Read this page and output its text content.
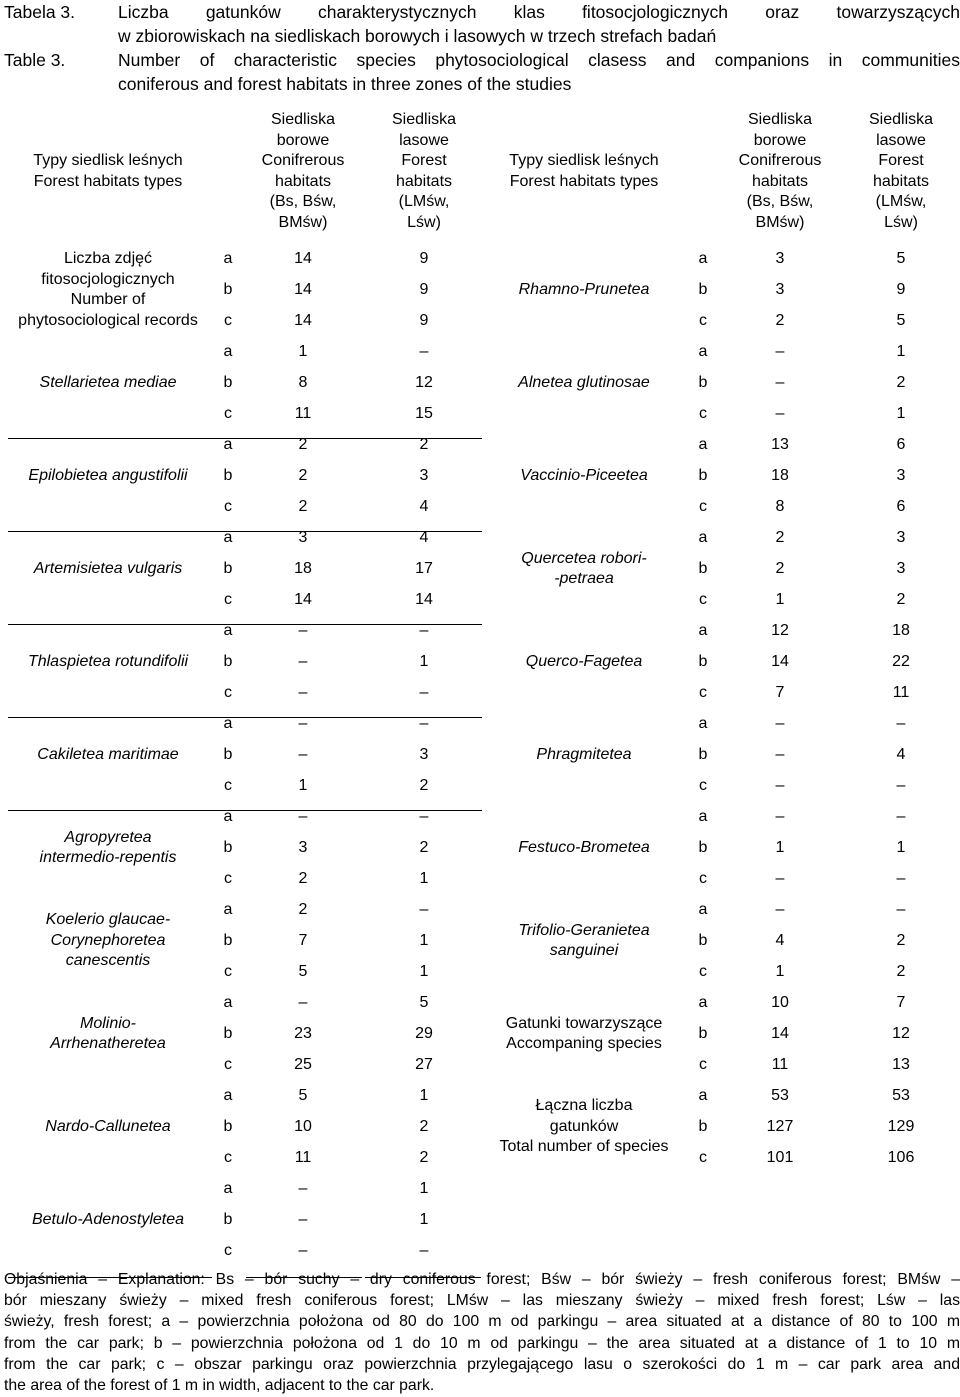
Tabela 3.	Liczba gatunków charakterystycznych klas fitosocjologicznych oraz towarzyszących
w zbiorowiskach na siedliskach borowych i lasowych w trzech strefach badań
Table 3.	Number of characteristic species phytosociological clasess and companions in communities
coniferous and forest habitats in three zones of the studies
Typy siedlisk leśnych
Forest habitats types
Siedliska
borowe
Conifrerous
habitats
(Bs, Bśw,
BMśw)
Siedliska
lasowe
Forest
habitats
(LMśw,
Lśw)
Typy siedlisk leśnych
Forest habitats types
Siedliska
borowe
Conifrerous
habitats
(Bs, Bśw,
BMśw)
Siedliska
lasowe
Forest
habitats
(LMśw,
Lśw)
Liczba zdjęć
fitosocjologicznych
Number of
phytosociological records
a	14	9
b	14	9
c	14	9
Stellarietea mediae
a	1	–
b	8	12
c	11	15
Epilobietea angustifolii
a	2	2
b	2	3
c	2	4
Artemisietea vulgaris
a	3	4
b	18	17
c	14	14
Thlaspietea rotundifolii
a	–	–
b	–	1
c	–	–
Cakiletea maritimae
a	–	–
b	–	3
c	1	2
Agropyretea
intermedio-repentis
a	–	–
b	3	2
c	2	1
Koelerio glaucae-
Corynephoretea
canescentis
a	2	–
b	7	1
c	5	1
Molinio-
Arrhenatheretea
a	–	5
b	23	29
c	25	27
Nardo-Callunetea
a	5	1
b	10	2
c	11	2
Betulo-Adenostyletea
a	–	1
b	–	1
c	–	–
Rhamno-Prunetea
a	3	5
b	3	9
c	2	5
Alnetea glutinosae
a	–	1
b	–	2
c	–	1
Vaccinio-Piceetea
a	13	6
b	18	3
c	8	6
Quercetea robori-
-petraea
a	2	3
b	2	3
c	1	2
Querco-Fagetea
a	12	18
b	14	22
c	7	11
Phragmitetea
a	–	–
b	–	4
c	–	–
Festuco-Brometea
a	–	–
b	1	1
c	–	–
Trifolio-Geranietea
sanguinei
a	–	–
b	4	2
c	1	2
Gatunki towarzyszące
Accompaning species
a	10	7
b	14	12
c	11	13
Łączna liczba
gatunków
Total number of species
a	53	53
b	127	129
c	101	106
Objaśnienia – Explanation: Bs – bór suchy – dry coniferous forest; Bśw – bór świeży – fresh coniferous forest; BMśw –
bór mieszany świeży – mixed fresh coniferous forest; LMśw – las mieszany świeży – mixed fresh forest; Lśw – las
świeży, fresh forest; a – powierzchnia położona od 80 do 100 m od parkingu – area situated at a distance of 80 to 100 m
from the car park; b – powierzchnia położona od 1 do 10 m od parkingu – the area situated at a distance of 1 to 10 m
from the car park; c – obszar parkingu oraz powierzchnia przylegającego lasu o szerokości do 1 m – car park area and
the area of the forest of 1 m in width, adjacent to the car park.
